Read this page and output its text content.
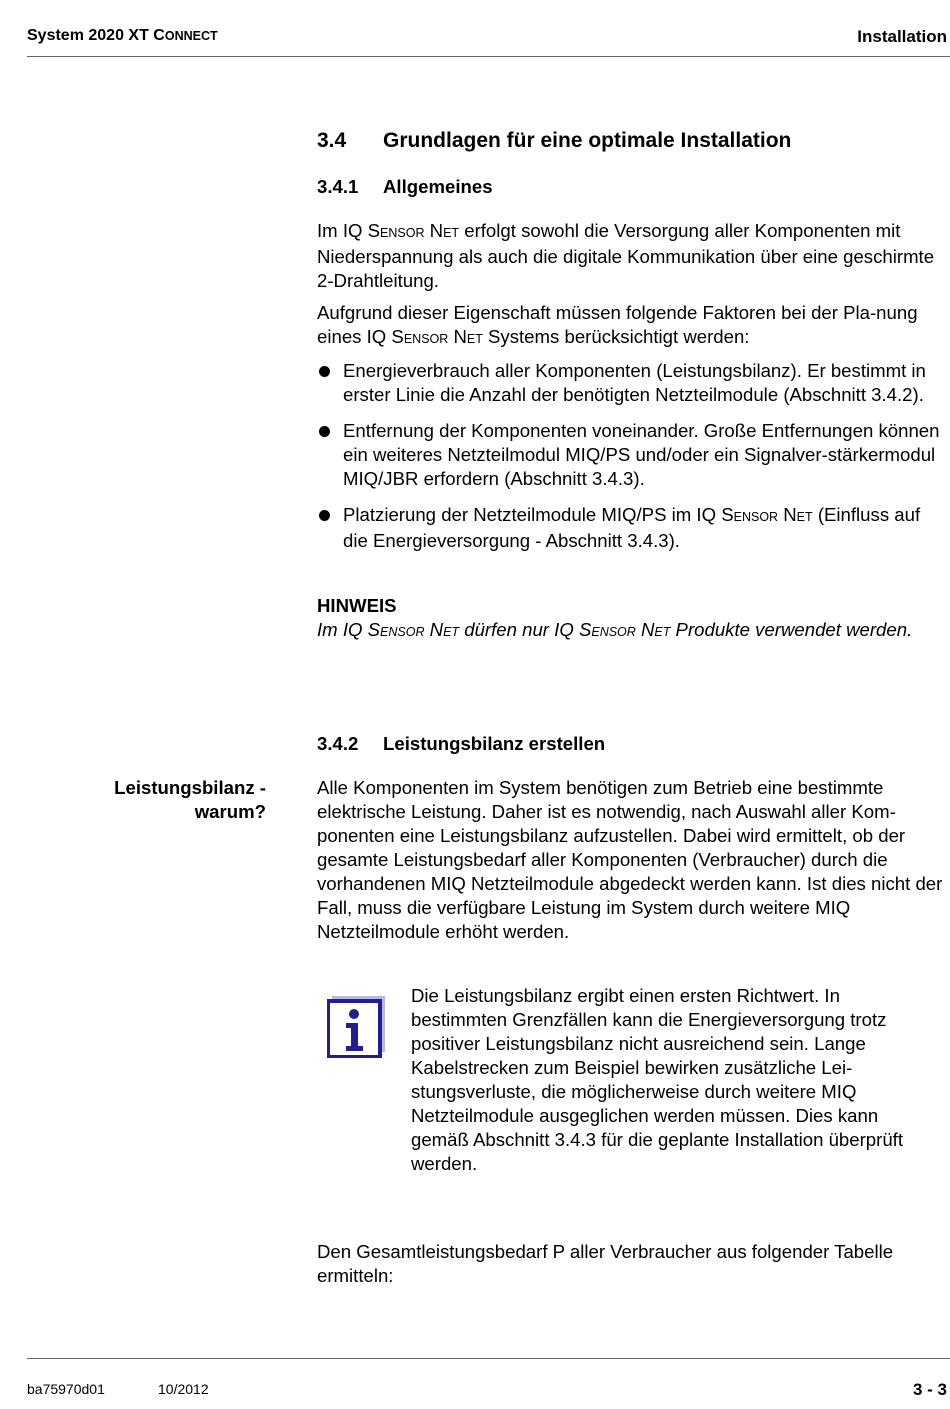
System 2020 XT CONNECT	Installation
3.4 Grundlagen für eine optimale Installation
3.4.1 Allgemeines

Im IQ SENSOR NET erfolgt sowohl die Versorgung aller Komponenten mit Niederspannung als auch die digitale Kommunikation über eine geschirmte 2-Drahtleitung.

Aufgrund dieser Eigenschaft müssen folgende Faktoren bei der Pla-nung eines IQ SENSOR NET Systems berücksichtigt werden:

Energieverbrauch aller Komponenten (Leistungsbilanz). Er bestimmt in erster Linie die Anzahl der benötigten Netzteilmodule (Abschnitt 3.4.2).
Entfernung der Komponenten voneinander. Große Entfernungen können ein weiteres Netzteilmodul MIQ/PS und/oder ein Signalver-stärkermodul MIQ/JBR erfordern (Abschnitt 3.4.3).
Platzierung der Netzteilmodule MIQ/PS im IQ SENSOR NET (Einfluss auf die Energieversorgung - Abschnitt 3.4.3).

HINWEIS

Im IQ SENSOR NET dürfen nur IQ SENSOR NET Produkte verwendet werden.

3.4.2 Leistungsbilanz erstellen
Leistungsbilanz -
warum?

Alle Komponenten im System benötigen zum Betrieb eine bestimmte elektrische Leistung. Daher ist es notwendig, nach Auswahl aller Kom-ponenten eine Leistungsbilanz aufzustellen. Dabei wird ermittelt, ob der gesamte Leistungsbedarf aller Komponenten (Verbraucher) durch die vorhandenen MIQ Netzteilmodule abgedeckt werden kann. Ist dies nicht der Fall, muss die verfügbare Leistung im System durch weitere MIQ Netzteilmodule erhöht werden.

Die Leistungsbilanz ergibt einen ersten Richtwert. In bestimmten Grenzfällen kann die Energieversorgung trotz positiver Leistungsbilanz nicht ausreichend sein. Lange Kabelstrecken zum Beispiel bewirken zusätzliche Lei-stungsverluste, die möglicherweise durch weitere MIQ Netzteilmodule ausgeglichen werden müssen. Dies kann gemäß Abschnitt 3.4.3 für die geplante Installation überprüft werden.

Den Gesamtleistungsbedarf P aller Verbraucher aus folgender Tabelle ermitteln:

ba75970d01	10/2012	3 - 3
